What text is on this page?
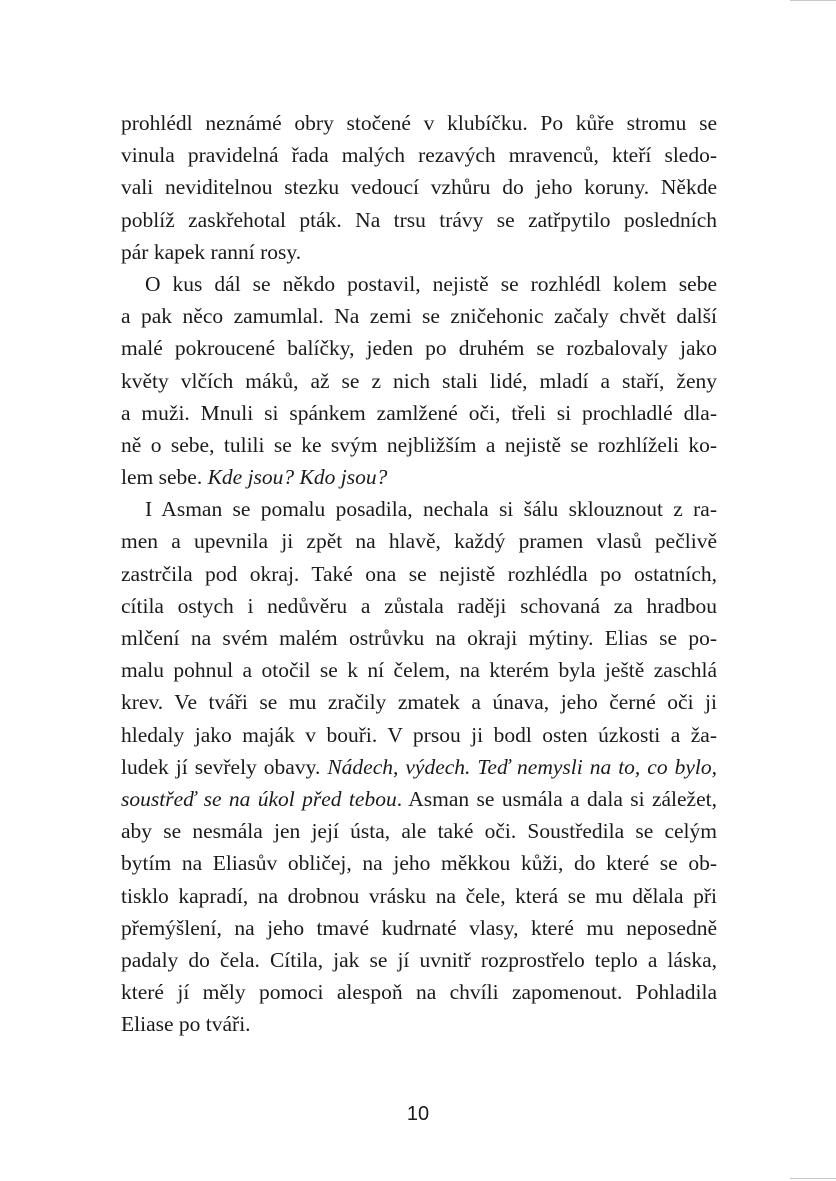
prohlédl neznámé obry stočené v klubíčku. Po kůře stromu se
vinula pravidelná řada malých rezavých mravenců, kteří sledo-
vali neviditelnou stezku vedoucí vzhůru do jeho koruny. Někde
poblíž zaskřehotal pták. Na trsu trávy se zatřpytilo posledních
pár kapek ranní rosy.
O kus dál se někdo postavil, nejistě se rozhlédl kolem sebe
a pak něco zamumlal. Na zemi se zničehonic začaly chvět další
malé pokroucené balíčky, jeden po druhém se rozbalovaly jako
květy vlčích máků, až se z nich stali lidé, mladí a staří, ženy
a muži. Mnuli si spánkem zamlžené oči, třeli si prochladlé dla-
ně o sebe, tulili se ke svým nejbližším a nejistě se rozhlíželi ko-
lem sebe. Kde jsou? Kdo jsou?
I Asman se pomalu posadila, nechala si šálu sklouznout z ra-
men a upevnila ji zpět na hlavě, každý pramen vlasů pečlivě
zastrčila pod okraj. Také ona se nejistě rozhlédla po ostatních,
cítila ostych i nedůvěru a zůstala raději schovaná za hradbou
mlčení na svém malém ostrůvku na okraji mýtiny. Elias se po-
malu pohnul a otočil se k ní čelem, na kterém byla ještě zaschlá
krev. Ve tváři se mu zračily zmatek a únava, jeho černé oči ji
hledaly jako maják v bouři. V prsou ji bodl osten úzkosti a ža-
ludek jí sevřely obavy. Nádech, výdech. Teď nemysli na to, co bylo,
soustřeď se na úkol před tebou. Asman se usmála a dala si záležet,
aby se nesmála jen její ústa, ale také oči. Soustředila se celým
bytím na Eliasův obličej, na jeho měkkou kůži, do které se ob-
tisklo kapradí, na drobnou vrásku na čele, která se mu dělala při
přemýšlení, na jeho tmavé kudrnaté vlasy, které mu neposedně
padaly do čela. Cítila, jak se jí uvnitř rozprostřelo teplo a láska,
které jí měly pomoci alespoň na chvíli zapomenout. Pohladila
Eliase po tváři.
10
